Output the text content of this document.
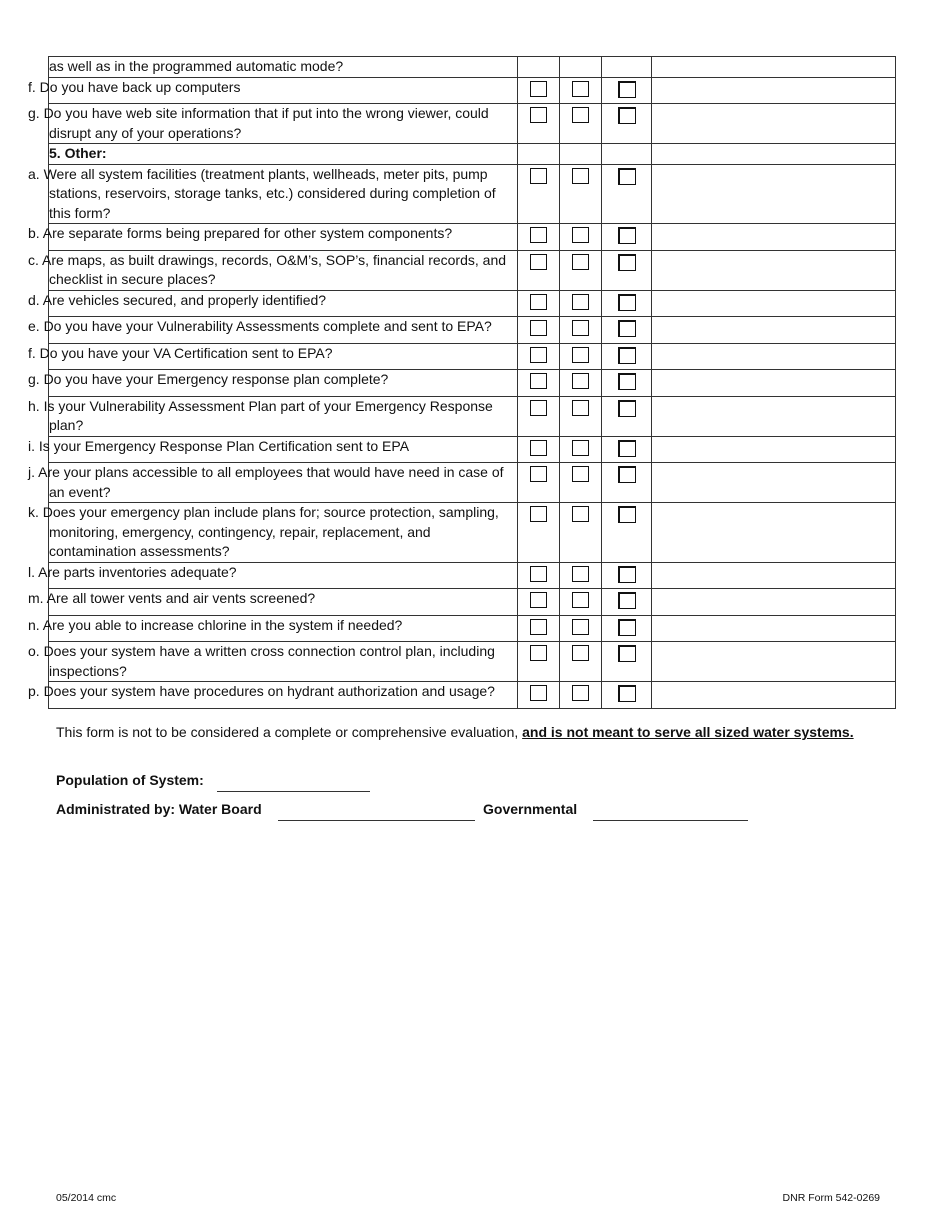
as well as in the programmed automatic mode?				
f. Do you have back up computers				
g. Do you have web site information that if put into the wrong viewer, could disrupt any of your operations?				
5. Other:				
a. Were all system facilities (treatment plants, wellheads, meter pits, pump stations, reservoirs, storage tanks, etc.) considered during completion of this form?				
b. Are separate forms being prepared for other system components?				
c. Are maps, as built drawings, records, O&M’s, SOP’s, financial records, and checklist in secure places?				
d. Are vehicles secured, and properly identified?				
e. Do you have your Vulnerability Assessments complete and sent to EPA?				
f. Do you have your VA Certification sent to EPA?				
g. Do you have your Emergency response plan complete?				
h. Is your Vulnerability Assessment Plan part of your Emergency Response plan?				
i. Is your Emergency Response Plan Certification sent to EPA				
j. Are your plans accessible to all employees that would have need in case of an event?				
k. Does your emergency plan include plans for; source protection, sampling, monitoring, emergency, contingency, repair, replacement, and contamination assessments?				
l. Are parts inventories adequate?				
m. Are all tower vents and air vents screened?				
n. Are you able to increase chlorine in the system if needed?				
o. Does your system have a written cross connection control plan, including inspections?				
p. Does your system have procedures on hydrant authorization and usage?				
This form is not to be considered a complete or comprehensive evaluation, and is not meant to serve all sized water systems.
Population of System:
Administrated by: Water Board	Governmental
05/2014 cmc	DNR Form 542-0269
